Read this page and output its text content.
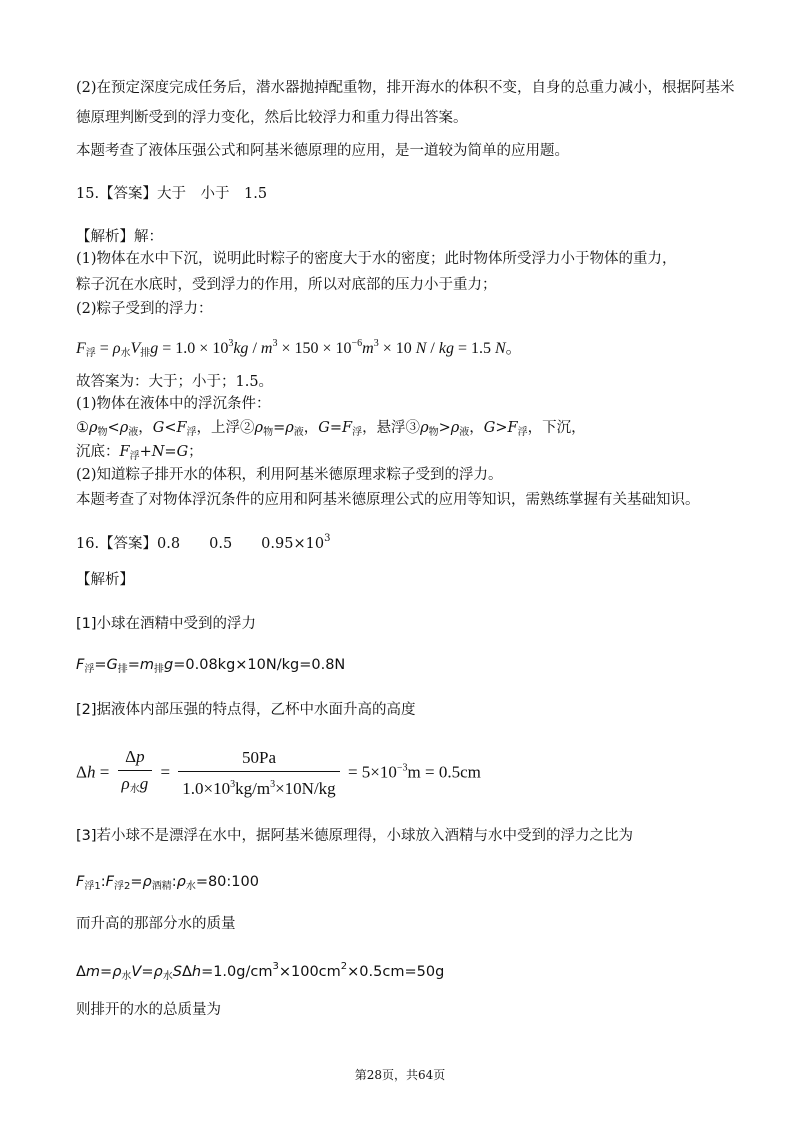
(2)在预定深度完成任务后，潜水器抛掉配重物，排开海水的体积不变，自身的总重力减小，根据阿基米
德原理判断受到的浮力变化，然后比较浮力和重力得出答案。
本题考查了液体压强公式和阿基米德原理的应用，是一道较为简单的应用题。
15.【答案】大于　小于　1.5
【解析】解：
(1)物体在水中下沉，说明此时粽子的密度大于水的密度；此时物体所受浮力小于物体的重力，
粽子沉在水底时，受到浮力的作用，所以对底部的压力小于重力；
(2)粽子受到的浮力：
$F_浮 = \rho_水V_排g = 1.0 \times 10^3kg / m^3 \times 150 \times 10^{-6}m^3 \times 10$ N / kg = 1.5 N。
故答案为：大于；小于；1.5。
(1)物体在液体中的浮沉条件：
$①\rho_物<\rho_液$，$G<F_浮$，上浮$②\rho_物=\rho_液$，$G=F_浮$，悬浮$③\rho_物>\rho_液$，$G>F_浮$，下沉，
沉底：$F_浮+N=G$；
(2)知道粽子排开水的体积，利用阿基米德原理求粽子受到的浮力。
本题考查了对物体浮沉条件的应用和阿基米德原理公式的应用等知识，需熟练掌握有关基础知识。
16.【答案】0.8　　0.5　　$0.95\times 10^3$
【解析】
[1]小球在酒精中受到的浮力
$F_浮=G_排=m_排g=0.08kg\times 10N/kg=0.8N$
[2]据液体内部压强的特点得，乙杯中水面升高的高度
$\Delta h = \frac{\Delta p}{\rho_水g} = \frac{50Pa}{1.0\times 10^3kg/m^3\times 10N/kg} = 5\times 10^{-3}m = 0.5cm$
[3]若小球不是漂浮在水中，据阿基米德原理得，小球放入酒精与水中受到的浮力之比为
$F_{浮1}:F_{浮2}=\rho_{酒精}:\rho_水=80:100$
而升高的那部分水的质量
$\Delta m=\rho_水V=\rho_水S\Delta h=1.0g/cm^3\times 100cm^2\times 0.5cm=50g$
则排开的水的总质量为
第28页，共64页
